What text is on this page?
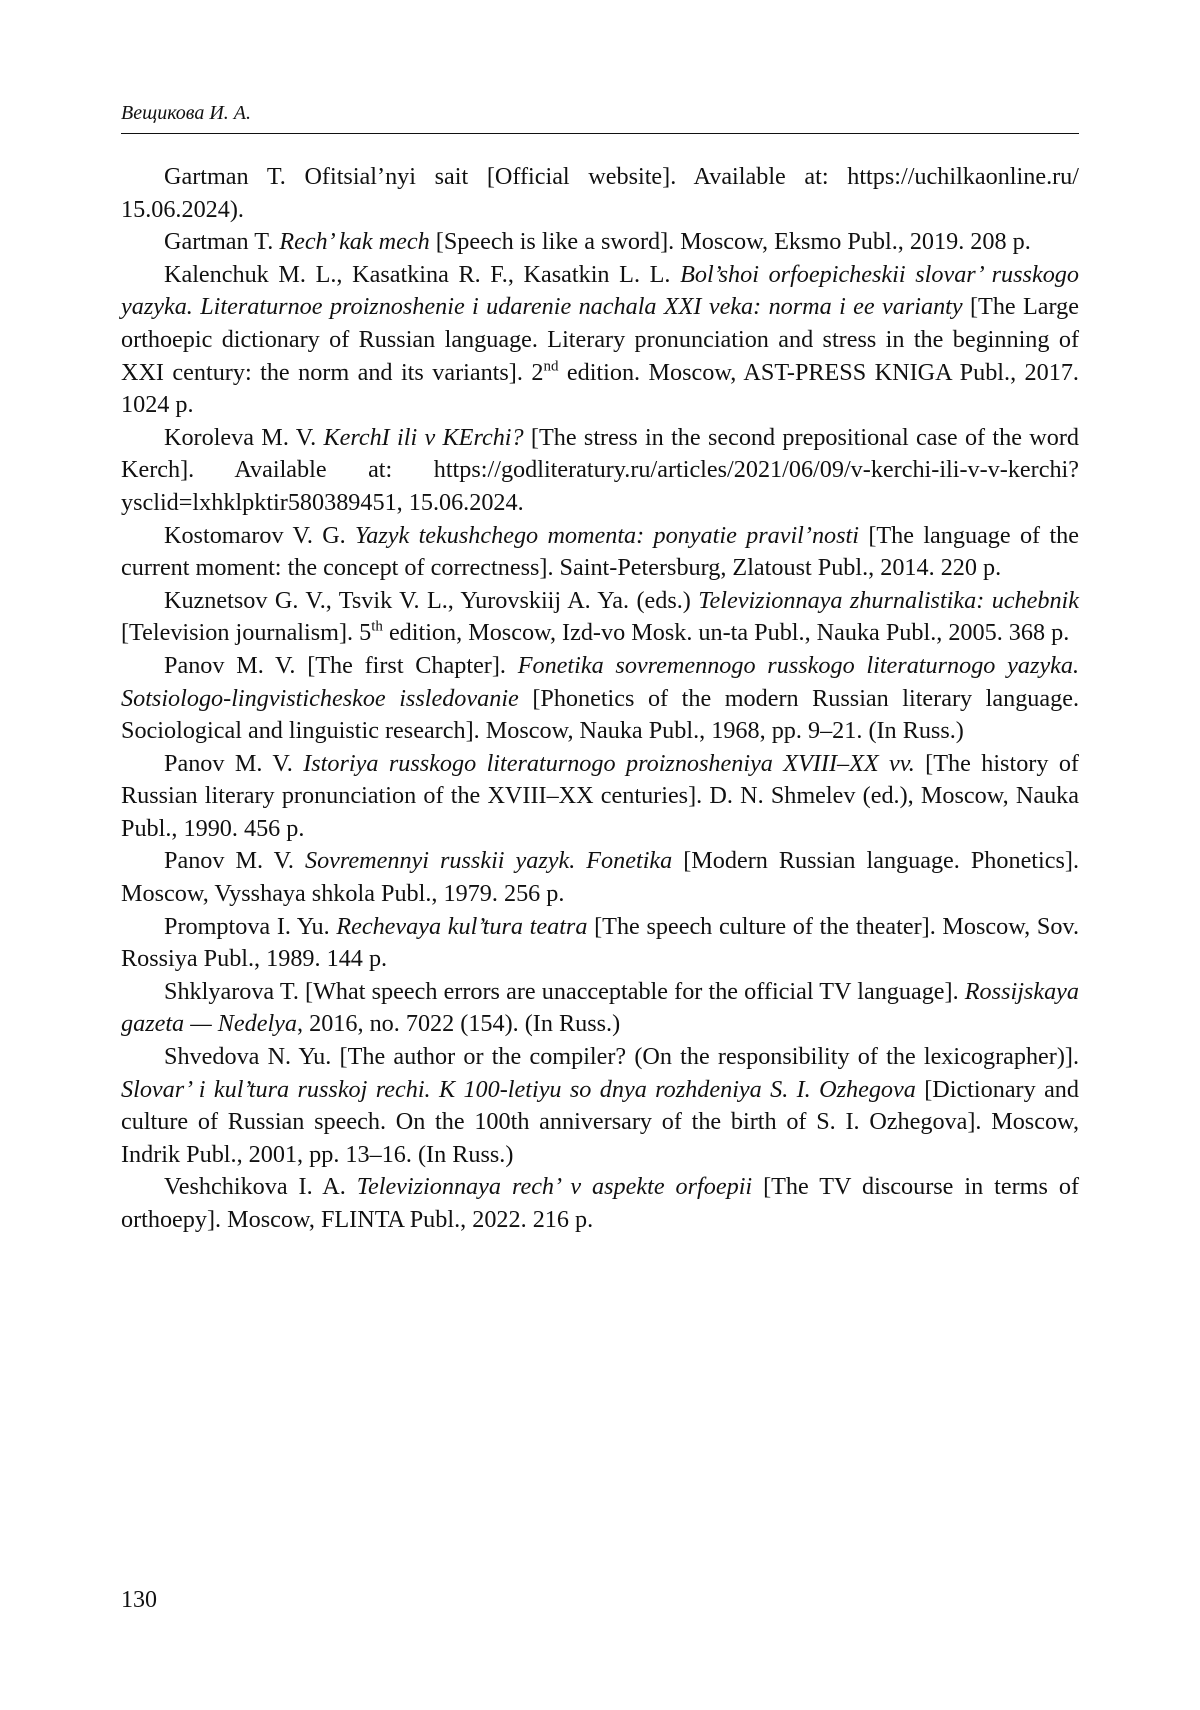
Вещикова И. А.

Gartman T. Ofitsial’nyi sait [Official website]. Available at: https://uchilkaonline.ru/ 15.06.2024).

Gartman T. Rech’ kak mech [Speech is like a sword]. Moscow, Eksmo Publ., 2019. 208 p.

Kalenchuk M. L., Kasatkina R. F., Kasatkin L. L. Bol’shoi orfoepicheskii slovar’ russkogo yazyka. Literaturnoe proiznoshenie i udarenie nachala XXI veka: norma i ee varianty [The Large orthoepic dictionary of Russian language. Literary pronunciation and stress in the beginning of XXI century: the norm and its variants]. 2nd edition. Moscow, AST-PRESS KNIGA Publ., 2017. 1024 p.

Koroleva M. V. KerchI ili v KErchi? [The stress in the second prepositional case of the word Kerch]. Available at: https://godliteratury.ru/articles/2021/06/09/v-kerchi-ili-v-v-kerchi?ysclid=lxhklpktir580389451, 15.06.2024.

Kostomarov V. G. Yazyk tekushchego momenta: ponyatie pravil’nosti [The language of the current moment: the concept of correctness]. Saint-Petersburg, Zlatoust Publ., 2014. 220 p.

Kuznetsov G. V., Tsvik V. L., Yurovskiij A. Ya. (eds.) Televizionnaya zhurnalistika: uchebnik [Television journalism]. 5th edition, Moscow, Izd-vo Mosk. un-ta Publ., Nauka Publ., 2005. 368 p.

Panov M. V. [The first Chapter]. Fonetika sovremennogo russkogo literaturnogo yazyka. Sotsiologo-lingvisticheskoe issledovanie [Phonetics of the modern Russian literary language. Sociological and linguistic research]. Moscow, Nauka Publ., 1968, pp. 9–21. (In Russ.)

Panov M. V. Istoriya russkogo literaturnogo proiznosheniya XVIII–XX vv. [The history of Russian literary pronunciation of the XVIII–XX centuries]. D. N. Shmelev (ed.), Moscow, Nauka Publ., 1990. 456 p.

Panov M. V. Sovremennyi russkii yazyk. Fonetika [Modern Russian language. Phonetics]. Moscow, Vysshaya shkola Publ., 1979. 256 p.

Promptova I. Yu. Rechevaya kul’tura teatra [The speech culture of the theater]. Moscow, Sov. Rossiya Publ., 1989. 144 p.

Shklyarova T. [What speech errors are unacceptable for the official TV language]. Rossijskaya gazeta — Nedelya, 2016, no. 7022 (154). (In Russ.)

Shvedova N. Yu. [The author or the compiler? (On the responsibility of the lexicographer)]. Slovar’ i kul’tura russkoj rechi. K 100-letiyu so dnya rozhdeniya S. I. Ozhegova [Dictionary and culture of Russian speech. On the 100th anniversary of the birth of S. I. Ozhegova]. Moscow, Indrik Publ., 2001, pp. 13–16. (In Russ.)

Veshchikova I. A. Televizionnaya rech’ v aspekte orfoepii [The TV discourse in terms of orthoepy]. Moscow, FLINTA Publ., 2022. 216 p.

130
